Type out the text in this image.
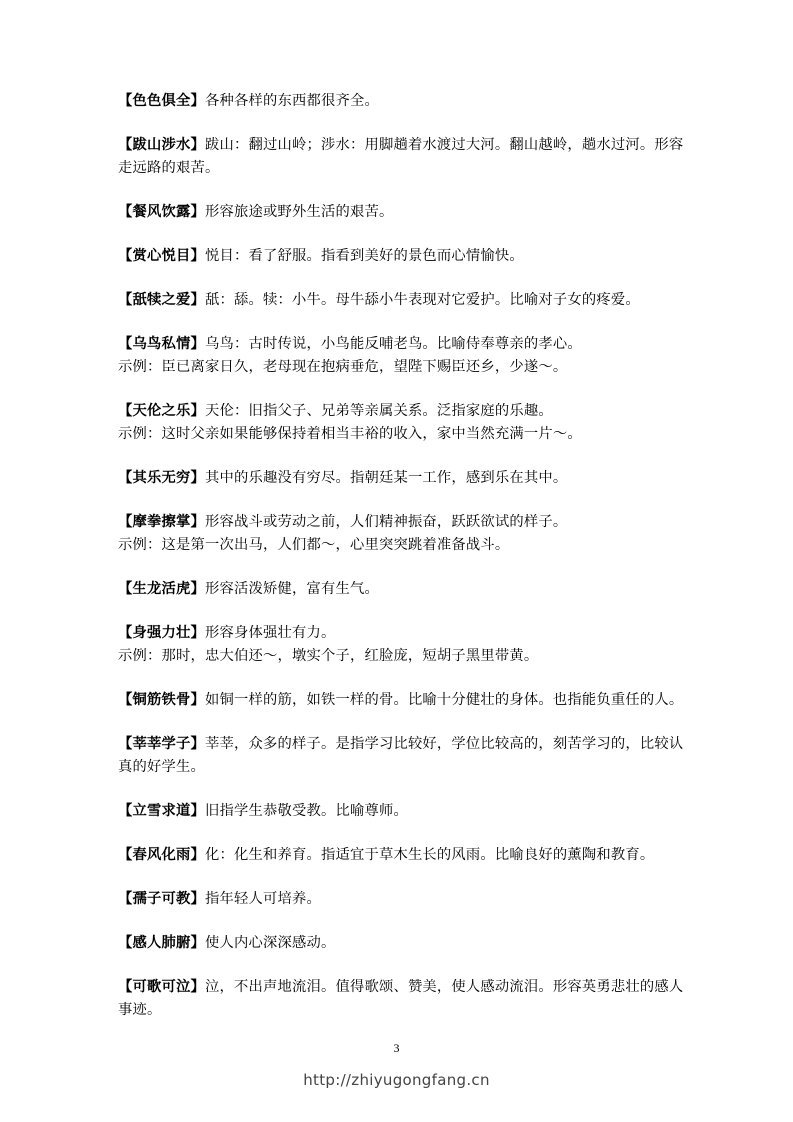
【色色俱全】各种各样的东西都很齐全。
【跋山涉水】跋山：翻过山岭；涉水：用脚趟着水渡过大河。翻山越岭，趟水过河。形容走远路的艰苦。
【餐风饮露】形容旅途或野外生活的艰苦。
【赏心悦目】悦目：看了舒服。指看到美好的景色而心情愉快。
【舐犊之爱】舐：舔。犊：小牛。母牛舔小牛表现对它爱护。比喻对子女的疼爱。
【乌鸟私情】乌鸟：古时传说，小鸟能反哺老鸟。比喻侍奉尊亲的孝心。
示例：臣已离家日久，老母现在抱病垂危，望陛下赐臣还乡，少遂～。
【天伦之乐】天伦：旧指父子、兄弟等亲属关系。泛指家庭的乐趣。
示例：这时父亲如果能够保持着相当丰裕的收入，家中当然充满一片～。
【其乐无穷】其中的乐趣没有穷尽。指朝廷某一工作，感到乐在其中。
【摩拳擦掌】形容战斗或劳动之前，人们精神振奋，跃跃欲试的样子。
示例：这是第一次出马，人们都～，心里突突跳着准备战斗。
【生龙活虎】形容活泼矫健，富有生气。
【身强力壮】形容身体强壮有力。
示例：那时，忠大伯还～，墩实个子，红脸庞，短胡子黑里带黄。
【铜筋铁骨】如铜一样的筋，如铁一样的骨。比喻十分健壮的身体。也指能负重任的人。
【莘莘学子】莘莘，众多的样子。是指学习比较好，学位比较高的，刻苦学习的，比较认真的好学生。
【立雪求道】旧指学生恭敬受教。比喻尊师。
【春风化雨】化：化生和养育。指适宜于草木生长的风雨。比喻良好的薰陶和教育。
【孺子可教】指年轻人可培养。
【感人肺腑】使人内心深深感动。
【可歌可泣】泣，不出声地流泪。值得歌颂、赞美，使人感动流泪。形容英勇悲壮的感人事迹。
3
http://zhiyugongfang.cn
